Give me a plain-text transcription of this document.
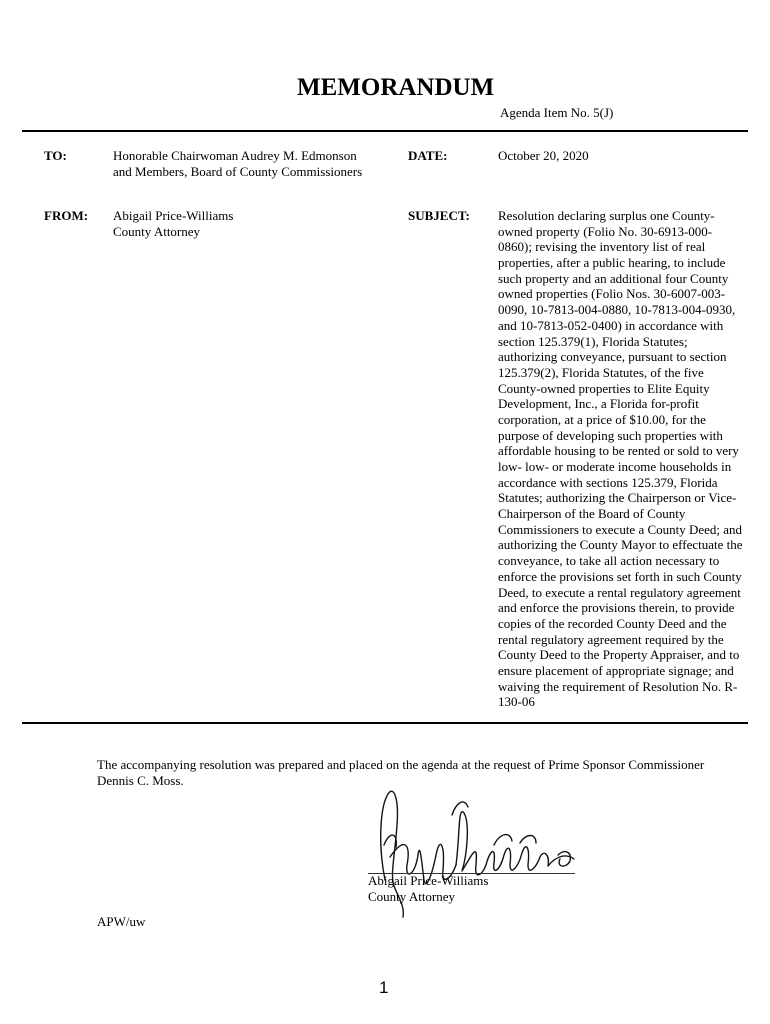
MEMORANDUM
Agenda Item No. 5(J)
TO:	Honorable Chairwoman Audrey M. Edmonson
and Members, Board of County Commissioners
DATE:	October 20, 2020
FROM: Abigail Price-Williams
County Attorney
SUBJECT: Resolution declaring surplus one County-
owned property (Folio No. 30-6913-000-
0860); revising the inventory list of real
properties, after a public hearing, to include
such property and an additional four County
owned properties (Folio Nos. 30-6007-003-
0090, 10-7813-004-0880, 10-7813-004-0930,
and 10-7813-052-0400) in accordance with
section 125.379(1), Florida Statutes;
authorizing conveyance, pursuant to section
125.379(2), Florida Statutes, of the five
County-owned properties to Elite Equity
Development, Inc., a Florida for-profit
corporation, at a price of $10.00, for the
purpose of developing such properties with
affordable housing to be rented or sold to very
low- low- or moderate income households in
accordance with sections 125.379, Florida
Statutes; authorizing the Chairperson or Vice-
Chairperson of the Board of County
Commissioners to execute a County Deed; and
authorizing the County Mayor to effectuate the
conveyance, to take all action necessary to
enforce the provisions set forth in such County
Deed, to execute a rental regulatory agreement
and enforce the provisions therein, to provide
copies of the recorded County Deed and the
rental regulatory agreement required by the
County Deed to the Property Appraiser, and to
ensure placement of appropriate signage; and
waiving the requirement of Resolution No. R-
130-06
The accompanying resolution was prepared and placed on the agenda at the request of Prime Sponsor Commissioner
Dennis C. Moss.
Abigail Price-Williams
County Attorney
APW/uw
1
